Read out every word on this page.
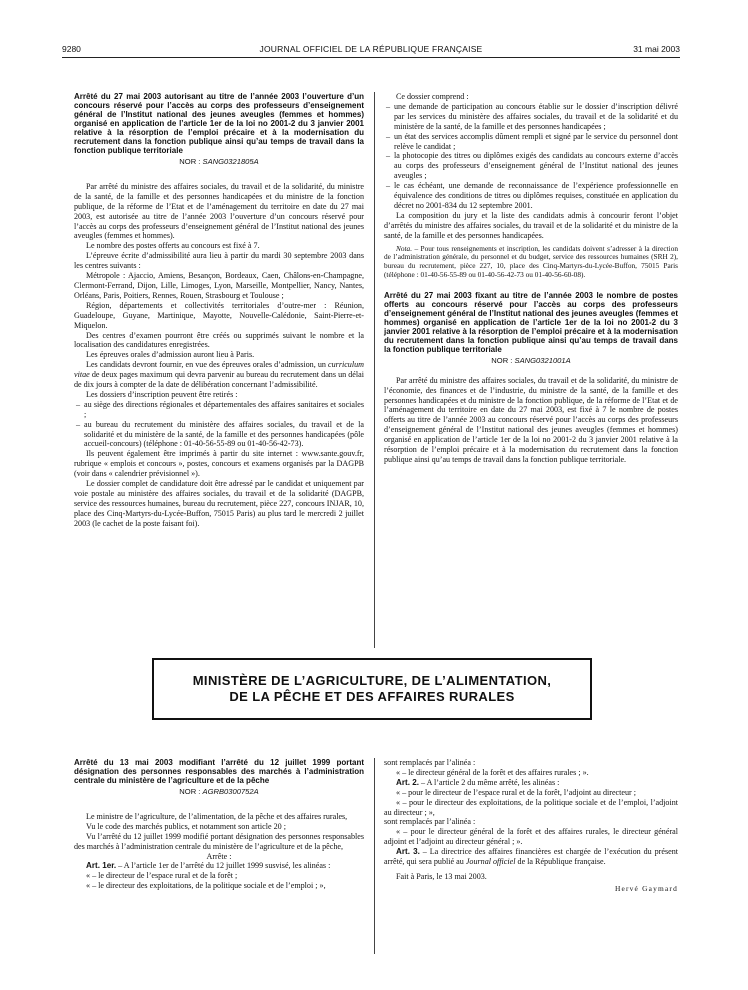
9280	JOURNAL OFFICIEL DE LA RÉPUBLIQUE FRANÇAISE	31 mai 2003
Arrêté du 27 mai 2003 autorisant au titre de l’année 2003 l’ouverture d’un concours réservé pour l’accès au corps des professeurs d’enseignement général de l’Institut national des jeunes aveugles (femmes et hommes) organisé en application de l’article 1er de la loi no 2001-2 du 3 janvier 2001 relative à la résorption de l’emploi précaire et à la modernisation du recrutement dans la fonction publique ainsi qu’au temps de travail dans la fonction publique territoriale
NOR : SANG0321805A

Par arrêté du ministre des affaires sociales, du travail et de la solidarité, du ministre de la santé, de la famille et des personnes handicapées et du ministre de la fonction publique, de la réforme de l’Etat et de l’aménagement du territoire en date du 27 mai 2003, est autorisée au titre de l’année 2003 l’ouverture d’un concours réservé pour l’accès au corps des professeurs d’enseignement général de l’Institut national des jeunes aveugles (femmes et hommes).

Le nombre des postes offerts au concours est fixé à 7.

L’épreuve écrite d’admissibilité aura lieu à partir du mardi 30 septembre 2003 dans les centres suivants :

Métropole : Ajaccio, Amiens, Besançon, Bordeaux, Caen, Châlons-en-Champagne, Clermont-Ferrand, Dijon, Lille, Limoges, Lyon, Marseille, Montpellier, Nancy, Nantes, Orléans, Paris, Poitiers, Rennes, Rouen, Strasbourg et Toulouse ;

Région, départements et collectivités territoriales d’outre-mer : Réunion, Guadeloupe, Guyane, Martinique, Mayotte, Nouvelle-Calédonie, Saint-Pierre-et-Miquelon.

Des centres d’examen pourront être créés ou supprimés suivant le nombre et la localisation des candidatures enregistrées.

Les épreuves orales d’admission auront lieu à Paris.

Les candidats devront fournir, en vue des épreuves orales d’admission, un curriculum vitae de deux pages maximum qui devra parvenir au bureau du recrutement dans un délai de dix jours à compter de la date de délibération concernant l’admissibilité.

Les dossiers d’inscription peuvent être retirés :

– au siège des directions régionales et départementales des affaires sanitaires et sociales ;
– au bureau du recrutement du ministère des affaires sociales, du travail et de la solidarité et du ministère de la santé, de la famille et des personnes handicapées (pôle accueil-concours) (téléphone : 01-40-56-55-89 ou 01-40-56-42-73).

Ils peuvent également être imprimés à partir du site internet : www.sante.gouv.fr, rubrique « emplois et concours », postes, concours et examens organisés par la DAGPB (voir dans « calendrier prévisionnel »).

Le dossier complet de candidature doit être adressé par le candidat et uniquement par voie postale au ministère des affaires sociales, du travail et de la solidarité (DAGPB, service des ressources humaines, bureau du recrutement, pièce 227, concours INJAR, 10, place des Cinq-Martyrs-du-Lycée-Buffon, 75015 Paris) au plus tard le mercredi 2 juillet 2003 (le cachet de la poste faisant foi).

Ce dossier comprend :

– une demande de participation au concours établie sur le dossier d’inscription délivré par les services du ministère des affaires sociales, du travail et de la solidarité et du ministère de la santé, de la famille et des personnes handicapées ;
– un état des services accomplis dûment rempli et signé par le service du personnel dont relève le candidat ;
– la photocopie des titres ou diplômes exigés des candidats au concours externe d’accès au corps des professeurs d’enseignement général de l’Institut national des jeunes aveugles ;
– le cas échéant, une demande de reconnaissance de l’expérience professionnelle en équivalence des conditions de titres ou diplômes requises, constituée en application du décret no 2001-834 du 12 septembre 2001.

La composition du jury et la liste des candidats admis à concourir feront l’objet d’arrêtés du ministre des affaires sociales, du travail et de la solidarité et du ministre de la santé, de la famille et des personnes handicapées.

Nota. – Pour tous renseignements et inscription, les candidats doivent s’adresser à la direction de l’administration générale, du personnel et du budget, service des ressources humaines (SRH 2), bureau du recrutement, pièce 227, 10, place des Cinq-Martyrs-du-Lycée-Buffon, 75015 Paris (téléphone : 01-40-56-55-89 ou 01-40-56-42-73 ou 01-40-56-60-08).
Arrêté du 27 mai 2003 fixant au titre de l’année 2003 le nombre de postes offerts au concours réservé pour l’accès au corps des professeurs d’enseignement général de l’Institut national des jeunes aveugles (femmes et hommes) organisé en application de l’article 1er de la loi no 2001-2 du 3 janvier 2001 relative à la résorption de l’emploi précaire et à la modernisation du recrutement dans la fonction publique ainsi qu’au temps de travail dans la fonction publique territoriale
NOR : SANG0321001A

Par arrêté du ministre des affaires sociales, du travail et de la solidarité, du ministre de l’économie, des finances et de l’industrie, du ministre de la santé, de la famille et des personnes handicapées et du ministre de la fonction publique, de la réforme de l’Etat et de l’aménagement du territoire en date du 27 mai 2003, est fixé à 7 le nombre de postes offerts au titre de l’année 2003 au concours réservé pour l’accès au corps des professeurs d’enseignement général de l’Institut national des jeunes aveugles (femmes et hommes) organisé en application de l’article 1er de la loi no 2001-2 du 3 janvier 2001 relative à la résorption de l’emploi précaire et à la modernisation du recrutement dans la fonction publique ainsi qu’au temps de travail dans la fonction publique territoriale.

MINISTÈRE DE L’AGRICULTURE, DE L’ALIMENTATION,
DE LA PÊCHE ET DES AFFAIRES RURALES
Arrêté du 13 mai 2003 modifiant l’arrêté du 12 juillet 1999 portant désignation des personnes responsables des marchés à l’administration centrale du ministère de l’agriculture et de la pêche
NOR : AGRB0300752A

Le ministre de l’agriculture, de l’alimentation, de la pêche et des affaires rurales,

Vu le code des marchés publics, et notamment son article 20 ;

Vu l’arrêté du 12 juillet 1999 modifié portant désignation des personnes responsables des marchés à l’administration centrale du ministère de l’agriculture et de la pêche,

Arrête :

Art. 1er. – A l’article 1er de l’arrêté du 12 juillet 1999 susvisé, les alinéas :

« – le directeur de l’espace rural et de la forêt ;

« – le directeur des exploitations, de la politique sociale et de l’emploi ; »,

sont remplacés par l’alinéa :

« – le directeur général de la forêt et des affaires rurales ; ».

Art. 2. – A l’article 2 du même arrêté, les alinéas :

« – pour le directeur de l’espace rural et de la forêt, l’adjoint au directeur ;

« – pour le directeur des exploitations, de la politique sociale et de l’emploi, l’adjoint au directeur ; »,

sont remplacés par l’alinéa :

« – pour le directeur général de la forêt et des affaires rurales, le directeur général adjoint et l’adjoint au directeur général ; ».

Art. 3. – La directrice des affaires financières est chargée de l’exécution du présent arrêté, qui sera publié au Journal officiel de la République française.

Fait à Paris, le 13 mai 2003.

Hervé Gaymard
